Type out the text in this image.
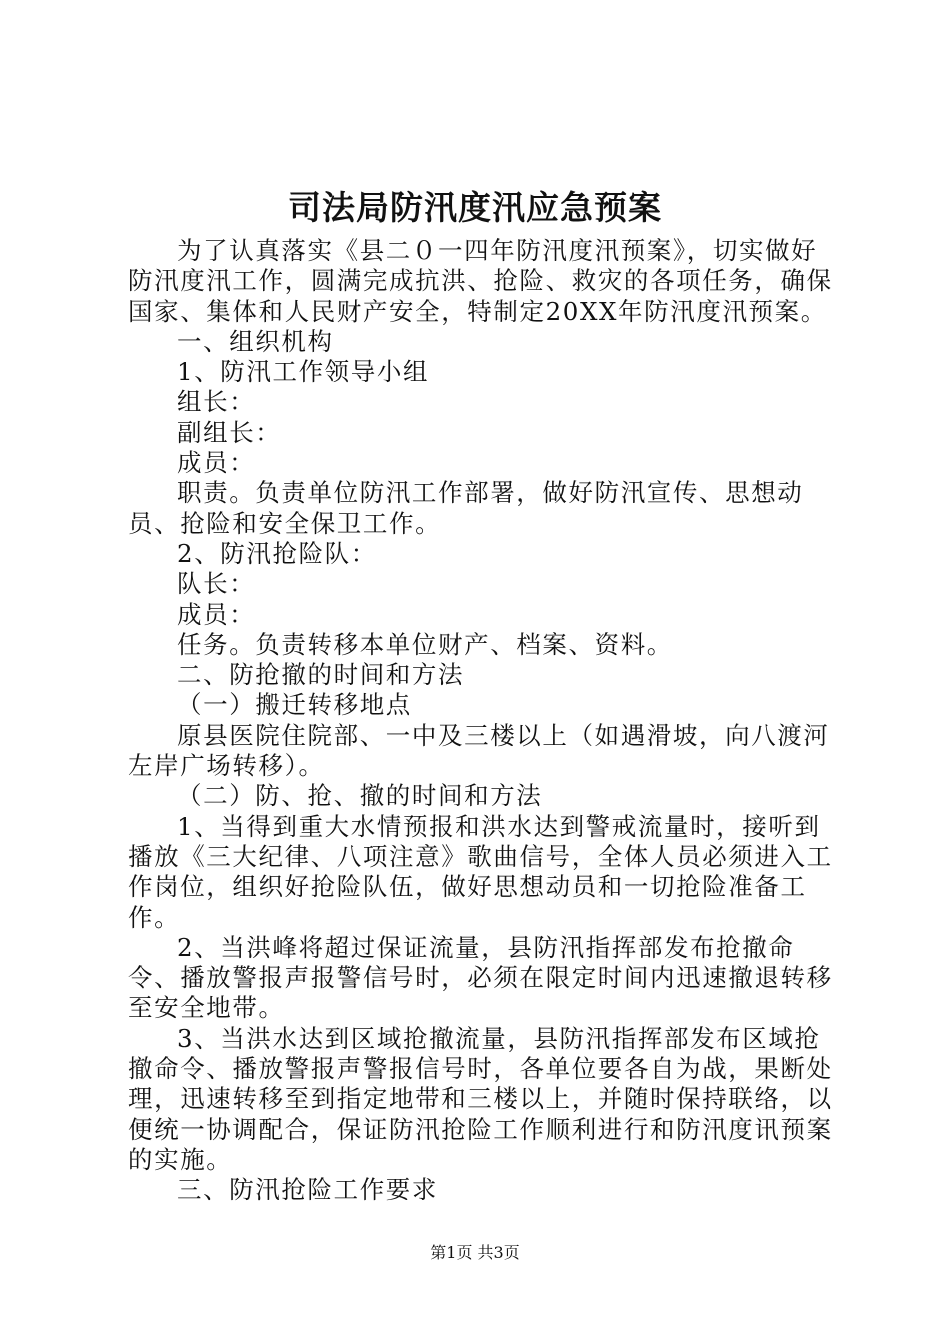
司法局防汛度汛应急预案

为了认真落实《县二０一四年防汛度汛预案》，切实做好防汛度汛工作，圆满完成抗洪、抢险、救灾的各项任务，确保国家、集体和人民财产安全，特制定20XX年防汛度汛预案。

一、组织机构

1、防汛工作领导小组

组长：

副组长：

成员：

职责。负责单位防汛工作部署，做好防汛宣传、思想动员、抢险和安全保卫工作。

2、防汛抢险队：

队长：

成员：

任务。负责转移本单位财产、档案、资料。

二、防抢撤的时间和方法

（一）搬迁转移地点

原县医院住院部、一中及三楼以上（如遇滑坡，向八渡河左岸广场转移）。

（二）防、抢、撤的时间和方法

1、当得到重大水情预报和洪水达到警戒流量时，接听到播放《三大纪律、八项注意》歌曲信号，全体人员必须进入工作岗位，组织好抢险队伍，做好思想动员和一切抢险准备工作。

2、当洪峰将超过保证流量，县防汛指挥部发布抢撤命令、播放警报声报警信号时，必须在限定时间内迅速撤退转移至安全地带。

3、当洪水达到区域抢撤流量，县防汛指挥部发布区域抢撤命令、播放警报声警报信号时，各单位要各自为战，果断处理，迅速转移至到指定地带和三楼以上，并随时保持联络，以便统一协调配合，保证防汛抢险工作顺利进行和防汛度讯预案的实施。

三、防汛抢险工作要求

第1页 共3页
